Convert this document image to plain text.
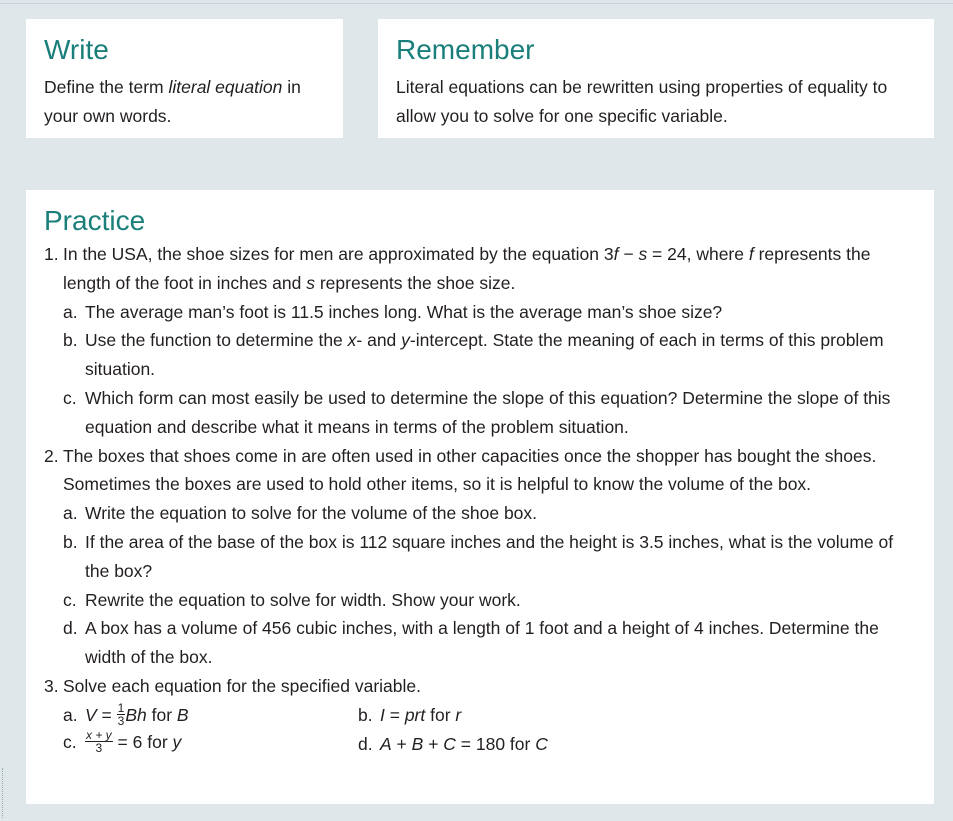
Write

Define the term literal equation in your own words.

Remember

Literal equations can be rewritten using properties of equality to allow you to solve for one specific variable.

Practice
1. In the USA, the shoe sizes for men are approximated by the equation 3f − s = 24, where f represents the length of the foot in inches and s represents the shoe size.
a. The average man’s foot is 11.5 inches long. What is the average man’s shoe size?
b. Use the function to determine the x- and y-intercept. State the meaning of each in terms of this problem situation.
c. Which form can most easily be used to determine the slope of this equation? Determine the slope of this equation and describe what it means in terms of the problem situation.
2. The boxes that shoes come in are often used in other capacities once the shopper has bought the shoes. Sometimes the boxes are used to hold other items, so it is helpful to know the volume of the box.
a. Write the equation to solve for the volume of the shoe box.
b. If the area of the base of the box is 112 square inches and the height is 3.5 inches, what is the volume of the box?
c. Rewrite the equation to solve for width. Show your work.
d. A box has a volume of 456 cubic inches, with a length of 1 foot and a height of 4 inches. Determine the width of the box.
3. Solve each equation for the specified variable.
a. $V = \frac{1}{3}$ Bh for B	b. I = prt for r
c. $\frac{x + y}{3} = 6$ for y	d. A + B + C = 180 for C
